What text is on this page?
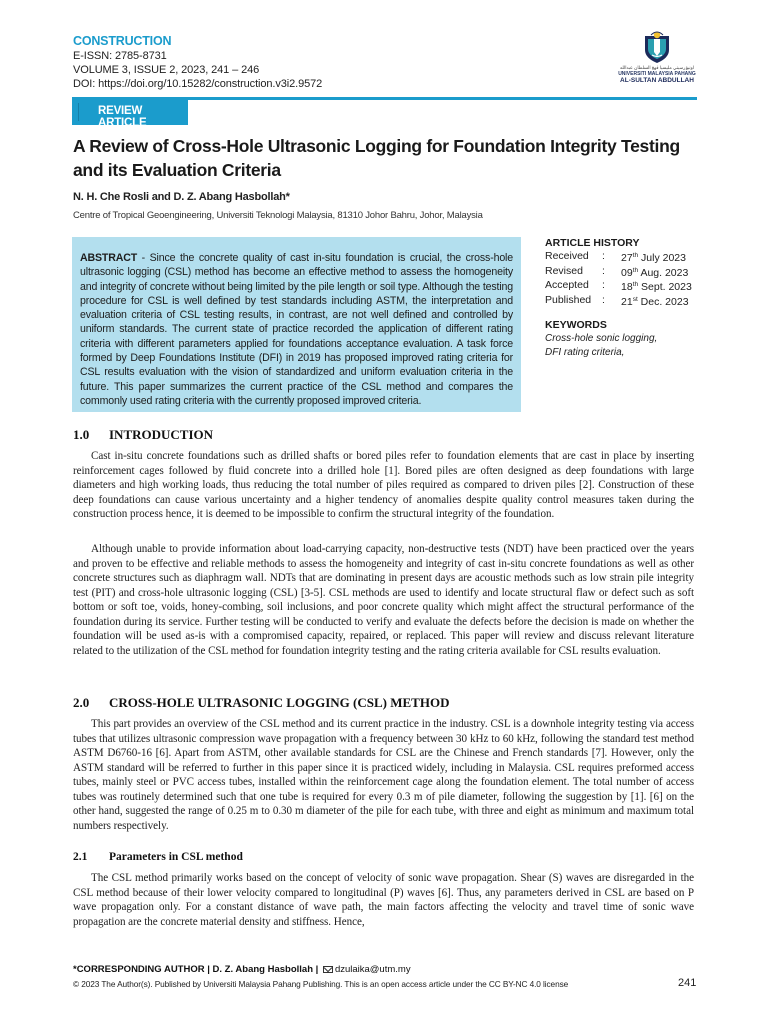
CONSTRUCTION
E-ISSN: 2785-8731
VOLUME 3, ISSUE 2, 2023, 241 – 246
DOI: https://doi.org/10.15282/construction.v3i2.9572
اونيۏرسيتي مليسيا ڤهڠ السلطان عبدالله
UNIVERSITI MALAYSIA PAHANG
AL-SULTAN ABDULLAH
REVIEW ARTICLE
A Review of Cross-Hole Ultrasonic Logging for Foundation Integrity Testing and its Evaluation Criteria
N. H. Che Rosli and D. Z. Abang Hasbollah*
Centre of Tropical Geoengineering, Universiti Teknologi Malaysia, 81310 Johor Bahru, Johor, Malaysia

ABSTRACT - Since the concrete quality of cast in-situ foundation is crucial, the cross-hole ultrasonic logging (CSL) method has become an effective method to assess the homogeneity and integrity of concrete without being limited by the pile length or soil type. Although the testing procedure for CSL is well defined by test standards including ASTM, the interpretation and evaluation criteria of CSL testing results, in contrast, are not well defined and controlled by uniform standards. The current state of practice recorded the application of different rating criteria with different parameters applied for foundations acceptance evaluation. A task force formed by Deep Foundations Institute (DFI) in 2019 has proposed improved rating criteria for CSL results evaluation with the vision of standardized and uniform evaluation criteria in the future. This paper summarizes the current practice of the CSL method and compares the commonly used rating criteria with the currently proposed improved criteria.

ARTICLE HISTORY
Received	:	27th July 2023
Revised	:	09th Aug. 2023
Accepted	:	18th Sept. 2023
Published	:	21st Dec. 2023
KEYWORDS
Cross-hole sonic logging,
DFI rating criteria,
1.0 INTRODUCTION

Cast in-situ concrete foundations such as drilled shafts or bored piles refer to foundation elements that are cast in place by inserting reinforcement cages followed by fluid concrete into a drilled hole [1]. Bored piles are often designed as deep foundations with large diameters and high working loads, thus reducing the total number of piles required as compared to driven piles [2]. Construction of these deep foundations can cause various uncertainty and a higher tendency of anomalies despite quality control measures taken during the construction process hence, it is deemed to be impossible to confirm the structural integrity of the foundation.

Although unable to provide information about load-carrying capacity, non-destructive tests (NDT) have been practiced over the years and proven to be effective and reliable methods to assess the homogeneity and integrity of cast in-situ concrete foundations as well as other concrete structures such as diaphragm wall. NDTs that are dominating in present days are acoustic methods such as low strain pile integrity test (PIT) and cross-hole ultrasonic logging (CSL) [3-5]. CSL methods are used to identify and locate structural flaw or defect such as soft bottom or soft toe, voids, honey-combing, soil inclusions, and poor concrete quality which might affect the structural performance of the foundation during its service. Further testing will be conducted to verify and evaluate the defects before the decision is made on whether the foundation will be used as-is with a compromised capacity, repaired, or replaced. This paper will review and discuss relevant literature related to the utilization of the CSL method for foundation integrity testing and the rating criteria available for CSL results evaluation.

2.0 CROSS-HOLE ULTRASONIC LOGGING (CSL) METHOD

This part provides an overview of the CSL method and its current practice in the industry. CSL is a downhole integrity testing via access tubes that utilizes ultrasonic compression wave propagation with a frequency between 30 kHz to 60 kHz, following the standard test method ASTM D6760-16 [6]. Apart from ASTM, other available standards for CSL are the Chinese and French standards [7]. However, only the ASTM standard will be referred to further in this paper since it is practiced widely, including in Malaysia. CSL requires preformed access tubes, mainly steel or PVC access tubes, installed within the reinforcement cage along the foundation element. The total number of access tubes was routinely determined such that one tube is required for every 0.3 m of pile diameter, following the suggestion by [1]. [6] on the other hand, suggested the range of 0.25 m to 0.30 m diameter of the pile for each tube, with three and eight as minimum and maximum total numbers respectively.

2.1 Parameters in CSL method

The CSL method primarily works based on the concept of velocity of sonic wave propagation. Shear (S) waves are disregarded in the CSL method because of their lower velocity compared to longitudinal (P) waves [6]. Thus, any parameters derived in CSL are based on P wave propagation only. For a constant distance of wave path, the main factors affecting the velocity and travel time of sonic wave propagation are the concrete material density and stiffness. Hence,

*CORRESPONDING AUTHOR | D. Z. Abang Hasbollah | dzulaika@utm.my
© 2023 The Author(s). Published by Universiti Malaysia Pahang Publishing. This is an open access article under the CC BY-NC 4.0 license	241
